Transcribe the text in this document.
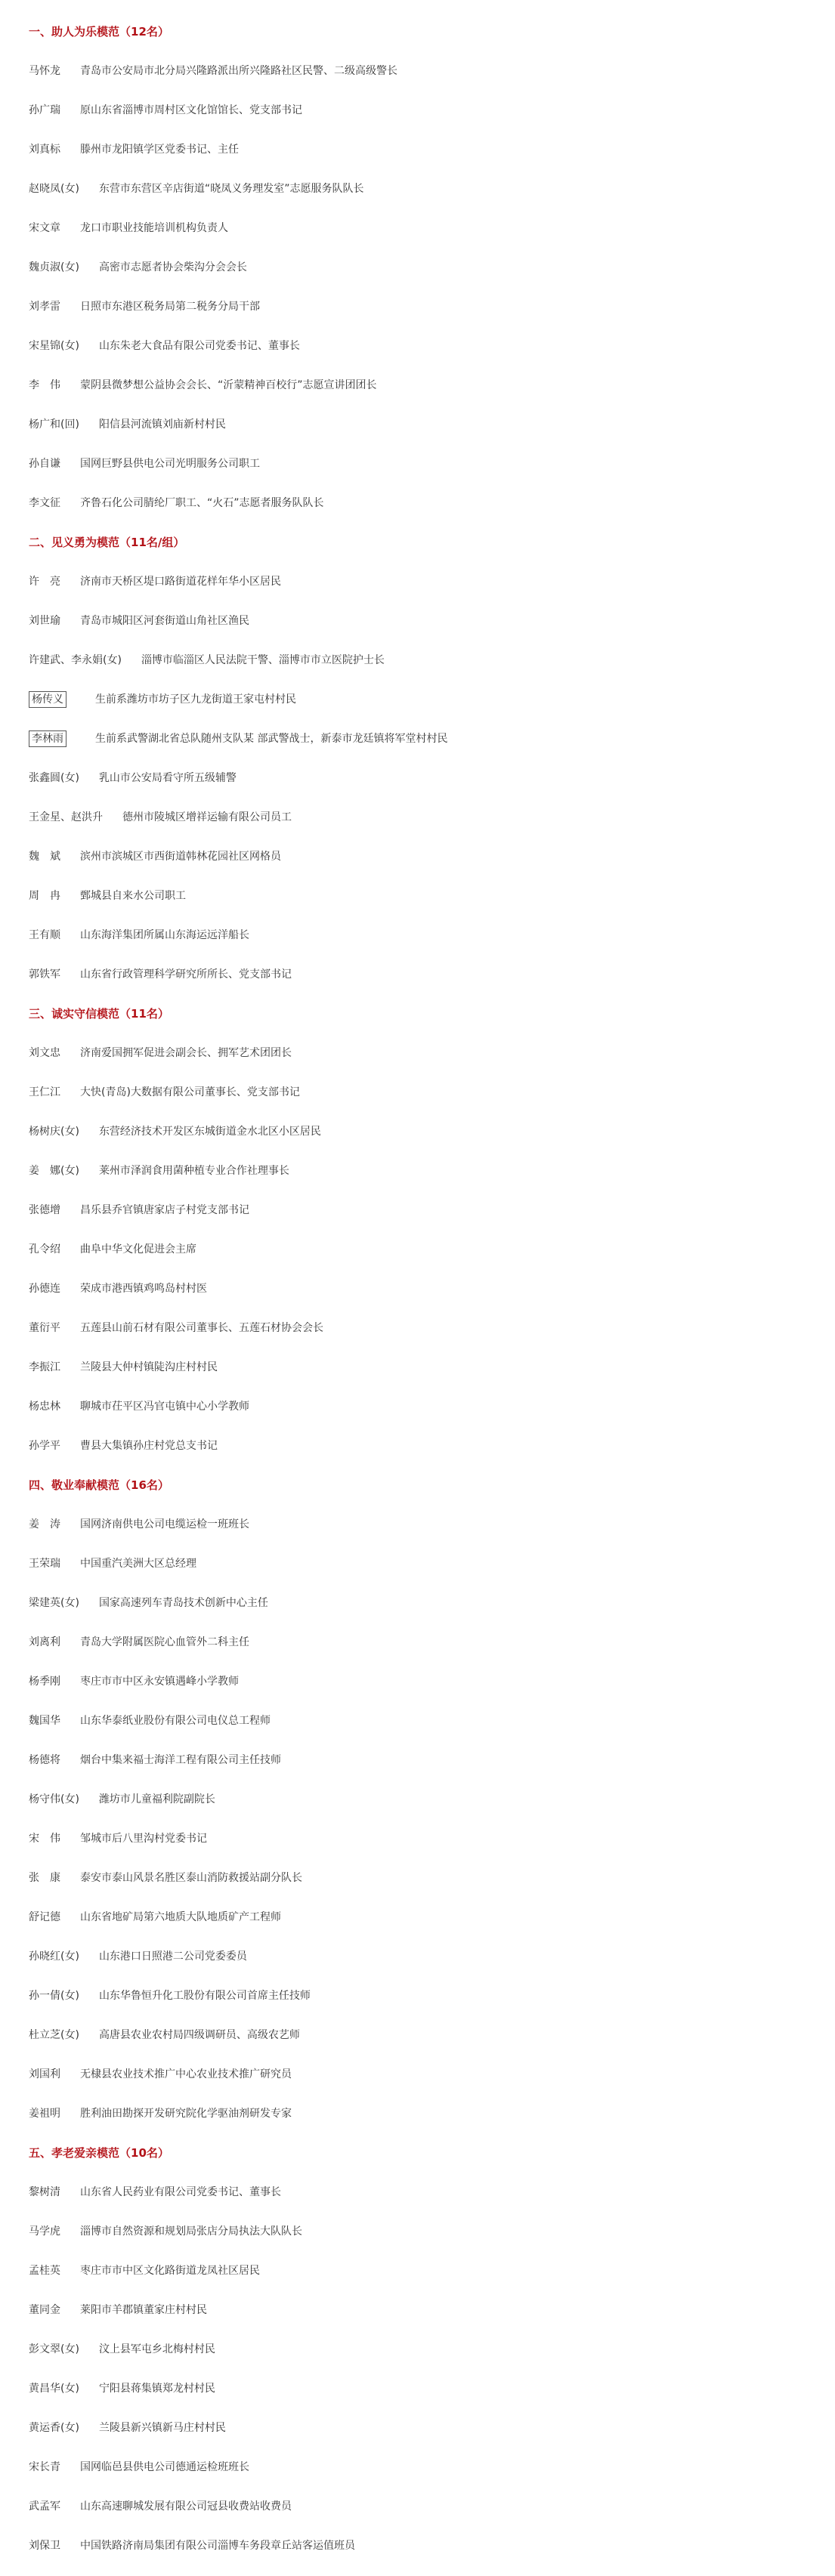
一、助人为乐模范（12名）
马怀龙 青岛市公安局市北分局兴隆路派出所兴隆路社区民警、二级高级警长
孙广瑞 原山东省淄博市周村区文化馆馆长、党支部书记
刘真标 滕州市龙阳镇学区党委书记、主任
赵晓凤(女) 东营市东营区辛店街道“晓凤义务理发室”志愿服务队队长
宋文章 龙口市职业技能培训机构负责人
魏贞淑(女) 高密市志愿者协会柴沟分会会长
刘孝雷 日照市东港区税务局第二税务分局干部
宋星锦(女) 山东朱老大食品有限公司党委书记、董事长
李　伟 蒙阴县微梦想公益协会会长、“沂蒙精神百校行”志愿宣讲团团长
杨广和(回) 阳信县河流镇刘庙新村村民
孙自谦 国网巨野县供电公司光明服务公司职工
李文征 齐鲁石化公司腈纶厂职工、“火石”志愿者服务队队长
二、见义勇为模范（11名/组）
许　亮 济南市天桥区堤口路街道花样年华小区居民
刘世瑜 青岛市城阳区河套街道山角社区渔民
许建武、李永娟(女) 淄博市临淄区人民法院干警、淄博市市立医院护士长
杨传义	生前系潍坊市坊子区九龙街道王家屯村村民
李林雨	生前系武警湖北省总队随州支队某 部武警战士，新泰市龙廷镇将军堂村村民
张鑫圆(女) 乳山市公安局看守所五级辅警
王金星、赵洪升 德州市陵城区增祥运输有限公司员工
魏　斌 滨州市滨城区市西街道韩林花园社区网格员
周　冉 鄄城县自来水公司职工
王有顺 山东海洋集团所属山东海运远洋船长
郭铁军 山东省行政管理科学研究所所长、党支部书记
三、诚实守信模范（11名）
刘文忠 济南爱国拥军促进会副会长、拥军艺术团团长
王仁江 大快(青岛)大数据有限公司董事长、党支部书记
杨树庆(女) 东营经济技术开发区东城街道金水北区小区居民
姜　娜(女) 莱州市泽润食用菌种植专业合作社理事长
张德增 昌乐县乔官镇唐家店子村党支部书记
孔令绍 曲阜中华文化促进会主席
孙德连 荣成市港西镇鸡鸣岛村村医
董衍平 五莲县山前石材有限公司董事长、五莲石材协会会长
李振江 兰陵县大仲村镇陡沟庄村村民
杨忠林 聊城市茌平区冯官屯镇中心小学教师
孙学平 曹县大集镇孙庄村党总支书记
四、敬业奉献模范（16名）
姜　涛 国网济南供电公司电缆运检一班班长
王荣瑞 中国重汽美洲大区总经理
梁建英(女) 国家高速列车青岛技术创新中心主任
刘离利 青岛大学附属医院心血管外二科主任
杨季刚 枣庄市市中区永安镇遇峰小学教师
魏国华 山东华泰纸业股份有限公司电仪总工程师
杨德将 烟台中集来福士海洋工程有限公司主任技师
杨守伟(女) 潍坊市儿童福利院副院长
宋　伟 邹城市后八里沟村党委书记
张　康 泰安市泰山风景名胜区泰山消防救援站副分队长
舒记德 山东省地矿局第六地质大队地质矿产工程师
孙晓红(女) 山东港口日照港二公司党委委员
孙一倩(女) 山东华鲁恒升化工股份有限公司首席主任技师
杜立芝(女) 高唐县农业农村局四级调研员、高级农艺师
刘国利 无棣县农业技术推广中心农业技术推广研究员
姜祖明 胜利油田勘探开发研究院化学驱油剂研发专家
五、孝老爱亲模范（10名）
黎树清 山东省人民药业有限公司党委书记、董事长
马学虎 淄博市自然资源和规划局张店分局执法大队队长
孟桂英 枣庄市市中区文化路街道龙凤社区居民
董同金 莱阳市羊郡镇董家庄村村民
彭文翠(女) 汶上县军屯乡北梅村村民
黄昌华(女) 宁阳县蒋集镇郑龙村村民
黄运香(女) 兰陵县新兴镇新马庄村村民
宋长青 国网临邑县供电公司德通运检班班长
武孟军 山东高速聊城发展有限公司冠县收费站收费员
刘保卫 中国铁路济南局集团有限公司淄博车务段章丘站客运值班员
